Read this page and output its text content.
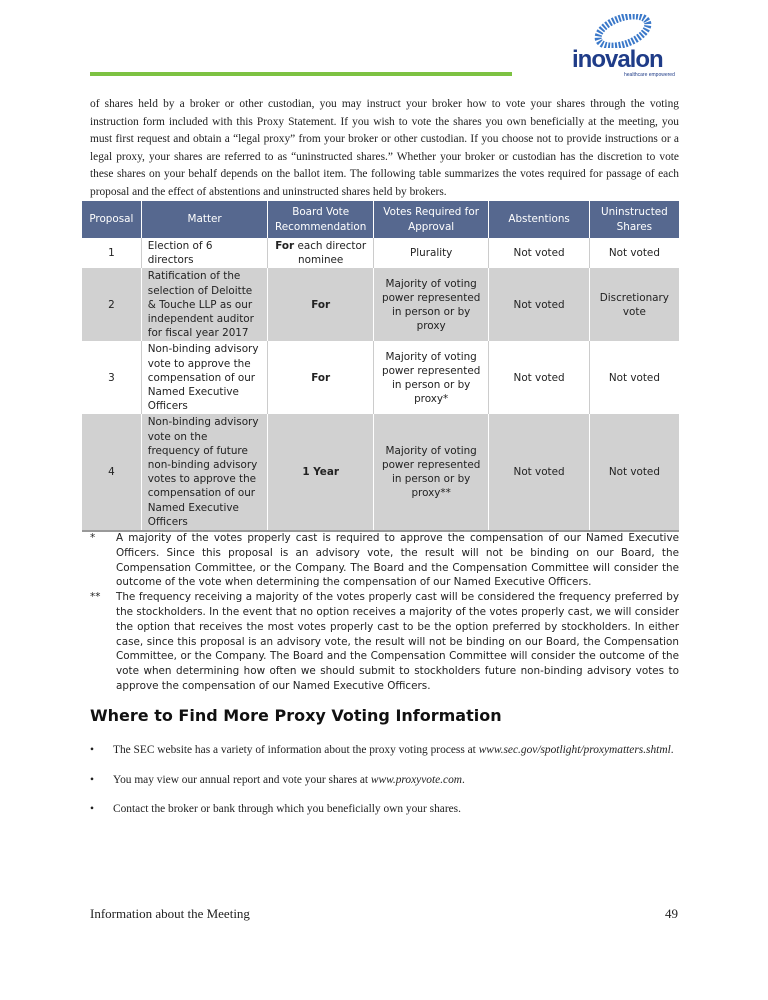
inovalon
healthcare empowered
of shares held by a broker or other custodian, you may instruct your broker how to vote your shares through the voting instruction form included with this Proxy Statement. If you wish to vote the shares you own beneficially at the meeting, you must first request and obtain a “legal proxy” from your broker or other custodian. If you choose not to provide instructions or a legal proxy, your shares are referred to as “uninstructed shares.” Whether your broker or custodian has the discretion to vote these shares on your behalf depends on the ballot item. The following table summarizes the votes required for passage of each proposal and the effect of abstentions and uninstructed shares held by brokers.
Proposal	Matter	Board Vote Recommendation	Votes Required for Approval	Abstentions	Uninstructed Shares
1	Election of 6 directors	For each director nominee	Plurality	Not voted	Not voted
2	Ratification of the selection of Deloitte & Touche LLP as our independent auditor for fiscal year 2017	For	Majority of voting power represented in person or by proxy	Not voted	Discretionary vote
3	Non-binding advisory vote to approve the compensation of our Named Executive Officers	For	Majority of voting power represented in person or by proxy*	Not voted	Not voted
4	Non-binding advisory vote on the frequency of future non-binding advisory votes to approve the compensation of our Named Executive Officers	1 Year	Majority of voting power represented in person or by proxy**	Not voted	Not voted
*	A majority of the votes properly cast is required to approve the compensation of our Named Executive Officers. Since this proposal is an advisory vote, the result will not be binding on our Board, the Compensation Committee, or the Company. The Board and the Compensation Committee will consider the outcome of the vote when determining the compensation of our Named Executive Officers.
**	The frequency receiving a majority of the votes properly cast will be considered the frequency preferred by the stockholders. In the event that no option receives a majority of the votes properly cast, we will consider the option that receives the most votes properly cast to be the option preferred by stockholders. In either case, since this proposal is an advisory vote, the result will not be binding on our Board, the Compensation Committee, or the Company. The Board and the Compensation Committee will consider the outcome of the vote when determining how often we should submit to stockholders future non-binding advisory votes to approve the compensation of our Named Executive Officers.
Where to Find More Proxy Voting Information
•	The SEC website has a variety of information about the proxy voting process at www.sec.gov/spotlight/proxymatters.shtml.
•	You may view our annual report and vote your shares at www.proxyvote.com.
•	Contact the broker or bank through which you beneficially own your shares.
Information about the Meeting	49
